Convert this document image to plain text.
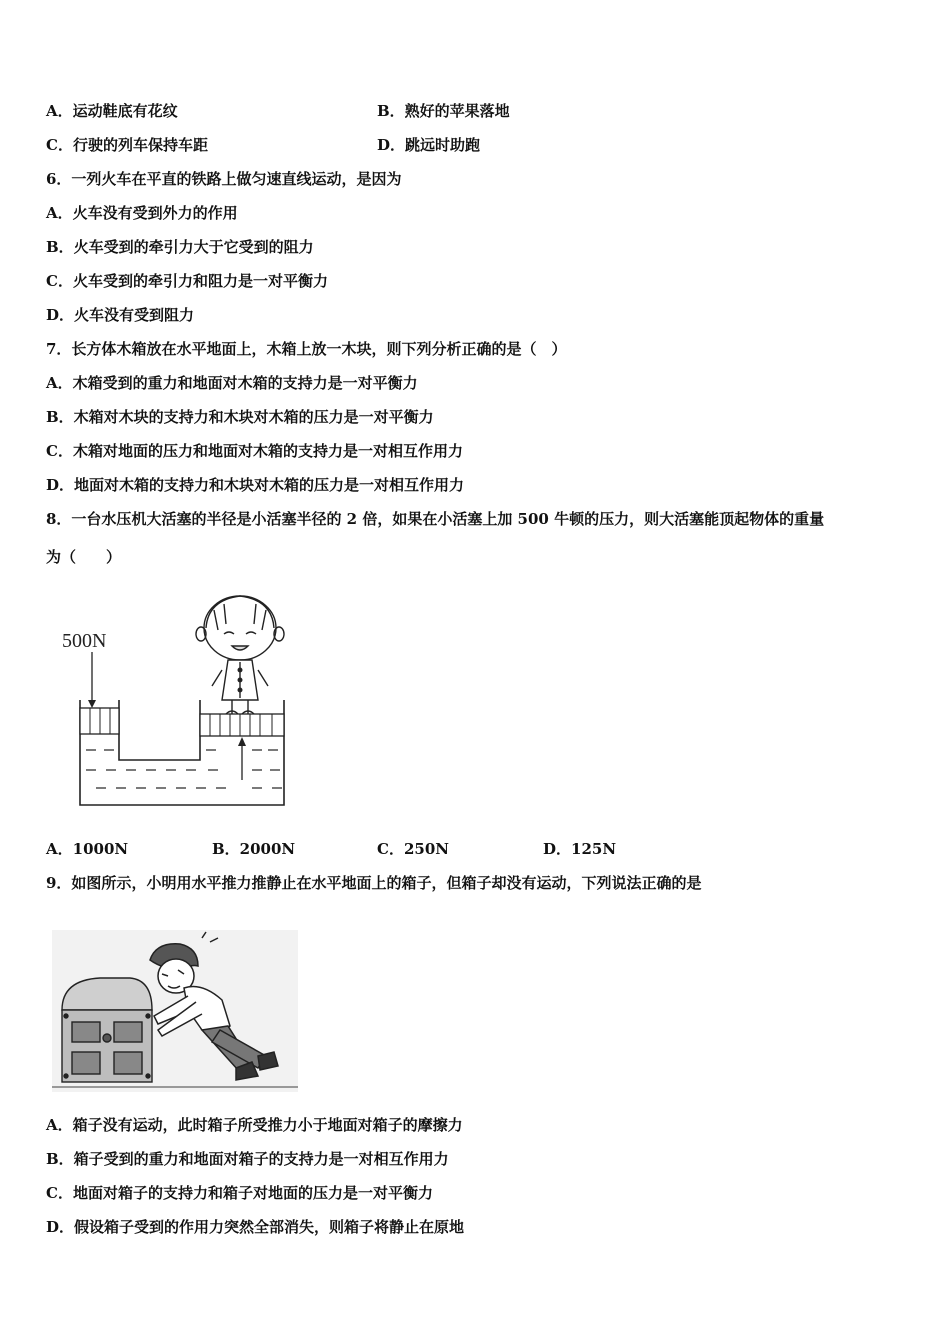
A．运动鞋底有花纹	B．熟好的苹果落地
C．行驶的列车保持车距	D．跳远时助跑
6．一列火车在平直的铁路上做匀速直线运动，是因为
A．火车没有受到外力的作用
B．火车受到的牵引力大于它受到的阻力
C．火车受到的牵引力和阻力是一对平衡力
D．火车没有受到阻力
7．长方体木箱放在水平地面上，木箱上放一木块，则下列分析正确的是（　）
A．木箱受到的重力和地面对木箱的支持力是一对平衡力
B．木箱对木块的支持力和木块对木箱的压力是一对平衡力
C．木箱对地面的压力和地面对木箱的支持力是一对相互作用力
D．地面对木箱的支持力和木块对木箱的压力是一对相互作用力
8．一台水压机大活塞的半径是小活塞半径的 2 倍，如果在小活塞上加 500 牛顿的压力，则大活塞能顶起物体的重量
为（　　）
500N
A．1000N	B．2000N	C．250N	D．125N
9．如图所示，小明用水平推力推静止在水平地面上的箱子，但箱子却没有运动，下列说法正确的是
A．箱子没有运动，此时箱子所受推力小于地面对箱子的摩擦力
B．箱子受到的重力和地面对箱子的支持力是一对相互作用力
C．地面对箱子的支持力和箱子对地面的压力是一对平衡力
D．假设箱子受到的作用力突然全部消失，则箱子将静止在原地
